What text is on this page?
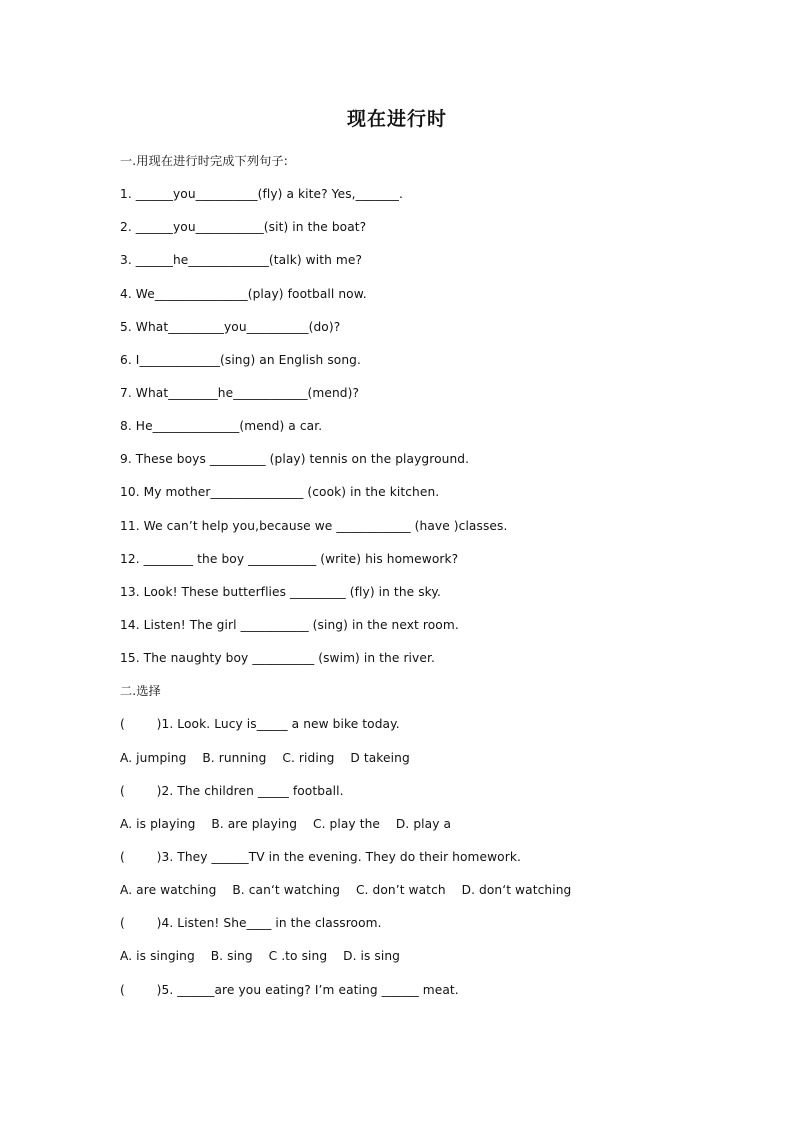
现在进行时
一.用现在进行时完成下列句子:
1. ______you__________(fly) a kite? Yes,_______.
2. ______you___________(sit) in the boat?
3. ______he_____________(talk) with me?
4. We_______________(play) football now.
5. What_________you__________(do)?
6. I_____________(sing) an English song.
7. What________he____________(mend)?
8. He______________(mend) a car.
9. These boys _________ (play) tennis on the playground.
10. My mother_______________ (cook) in the kitchen.
11. We can’t help you,because we ____________ (have )classes.
12. ________ the boy ___________ (write) his homework?
13. Look! These butterflies _________ (fly) in the sky.
14. Listen! The girl ___________ (sing) in the next room.
15. The naughty boy __________ (swim) in the river.
二.选择
(        )1. Look. Lucy is_____ a new bike today.
A. jumping    B. running    C. riding    D takeing
(        )2. The children _____ football.
A. is playing    B. are playing    C. play the    D. play a
(        )3. They ______TV in the evening. They do their homework.
A. are watching    B. can‘t watching    C. don’t watch    D. don‘t watching
(        )4. Listen! She____ in the classroom.
A. is singing    B. sing    C .to sing    D. is sing
(        )5. ______are you eating? I’m eating ______ meat.
